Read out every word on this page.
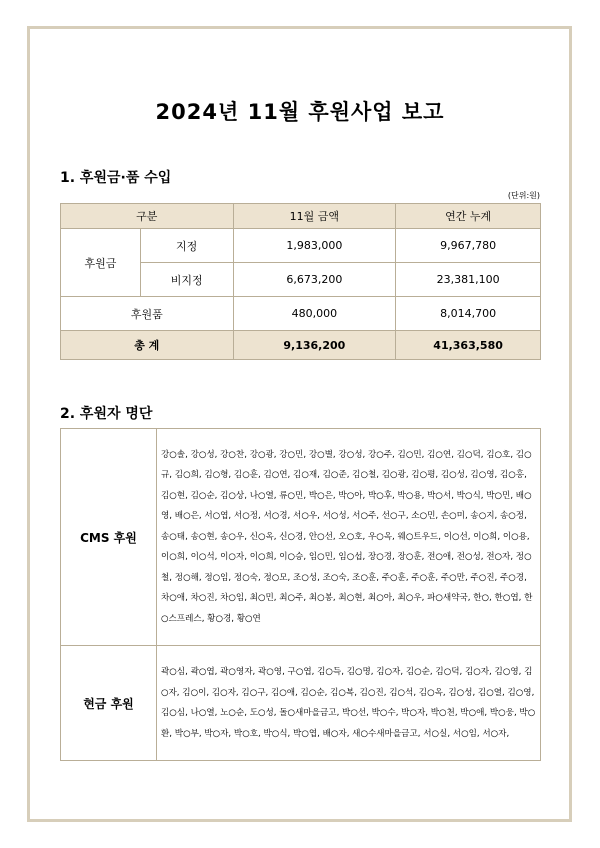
2024년 11월 후원사업 보고
1. 후원금·품 수입
(단위:원)
구분		11월 금액	연간 누계
후원금	지정	1,983,000	9,967,780
	비지정	6,673,200	23,381,100
후원품		480,000	8,014,700
총 계		9,136,200	41,363,580
2. 후원자 명단
CMS 후원	강○솔, 강○성, 강○찬, 강○광, 강○민, 강○별, 강○성, 강○주, 김○민, 김○연, 김○덕, 김○호, 김○규, 김○희, 김○형, 김○훈, 김○연, 김○재, 김○준, 김○철, 김○광, 김○평, 김○성, 김○영, 김○홍, 김○현, 김○순, 김○상, 나○열, 류○민, 박○은, 박○아, 박○후, 박○용, 박○서, 박○식, 박○민, 배○영, 배○은, 서○엽, 서○정, 서○경, 서○우, 서○성, 서○주, 선○구, 소○민, 손○미, 송○지, 송○정, 송○태, 송○현, 송○우, 신○옥, 신○경, 안○선, 오○호, 우○옥, 웨○트우드, 이○선, 이○희, 이○용, 이○희, 이○석, 이○자, 이○희, 이○승, 임○민, 임○섭, 장○경, 장○훈, 전○애, 전○성, 전○자, 정○철, 정○해, 정○임, 정○숙, 정○모, 조○성, 조○숙, 조○훈, 주○훈, 주○훈, 주○만, 주○진, 주○경, 차○애, 차○진, 차○임, 최○민, 최○주, 최○봉, 최○현, 최○아, 최○우, 파○새약국, 한○, 한○엽, 한○스프레스, 황○경, 황○연
현금 후원	곽○심, 곽○엽, 곽○영자, 곽○영, 구○엽, 김○득, 김○명, 김○자, 김○순, 김○덕, 김○자, 김○영, 김○자, 김○이, 김○자, 김○구, 김○애, 김○순, 김○복, 김○진, 김○석, 김○옥, 김○성, 김○열, 김○영, 김○심, 나○열, 노○순, 도○성, 돌○새마을금고, 박○선, 박○수, 박○자, 박○천, 박○애, 박○웅, 박○환, 박○부, 박○자, 박○호, 박○식, 박○엽, 배○자, 새○수새마을금고, 서○실, 서○임, 서○자,
